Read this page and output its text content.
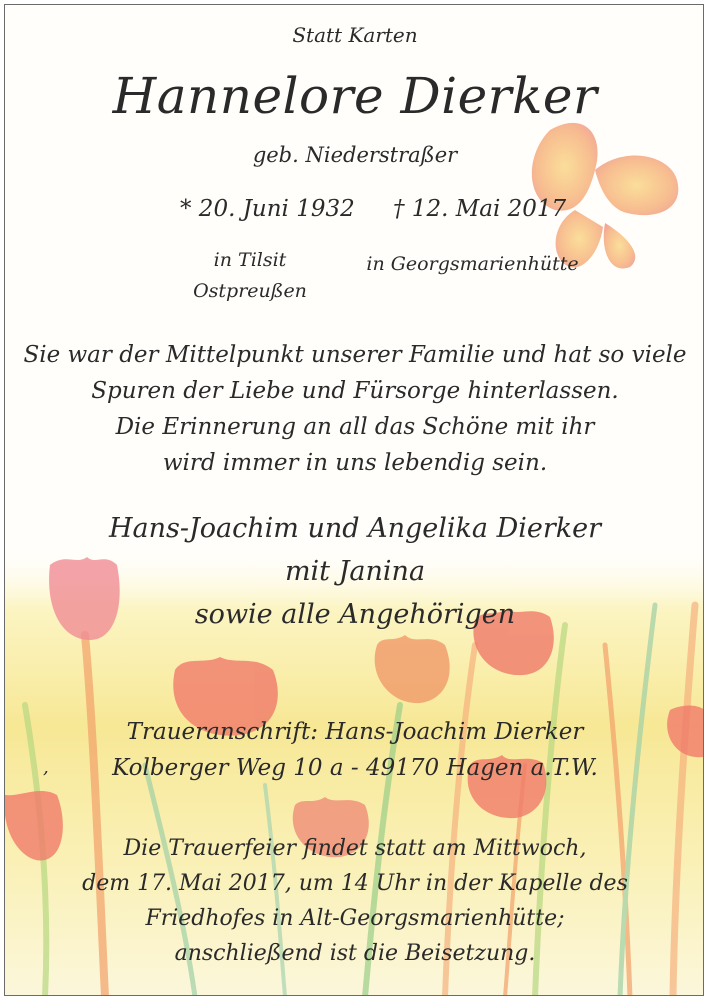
Statt Karten
Hannelore Dierker
geb. Niederstraßer
* 20. Juni 1932 † 12. Mai 2017
in Tilsit
Ostpreußen
in Georgsmarienhütte
Sie war der Mittelpunkt unserer Familie und hat so viele
Spuren der Liebe und Fürsorge hinterlassen.
Die Erinnerung an all das Schöne mit ihr
wird immer in uns lebendig sein.
Hans-Joachim und Angelika Dierker
mit Janina
sowie alle Angehörigen
Traueranschrift: Hans-Joachim Dierker
Kolberger Weg 10 a - 49170 Hagen a.T.W.
,
Die Trauerfeier findet statt am Mittwoch,
dem 17. Mai 2017, um 14 Uhr in der Kapelle des
Friedhofes in Alt-Georgsmarienhütte;
anschließend ist die Beisetzung.
